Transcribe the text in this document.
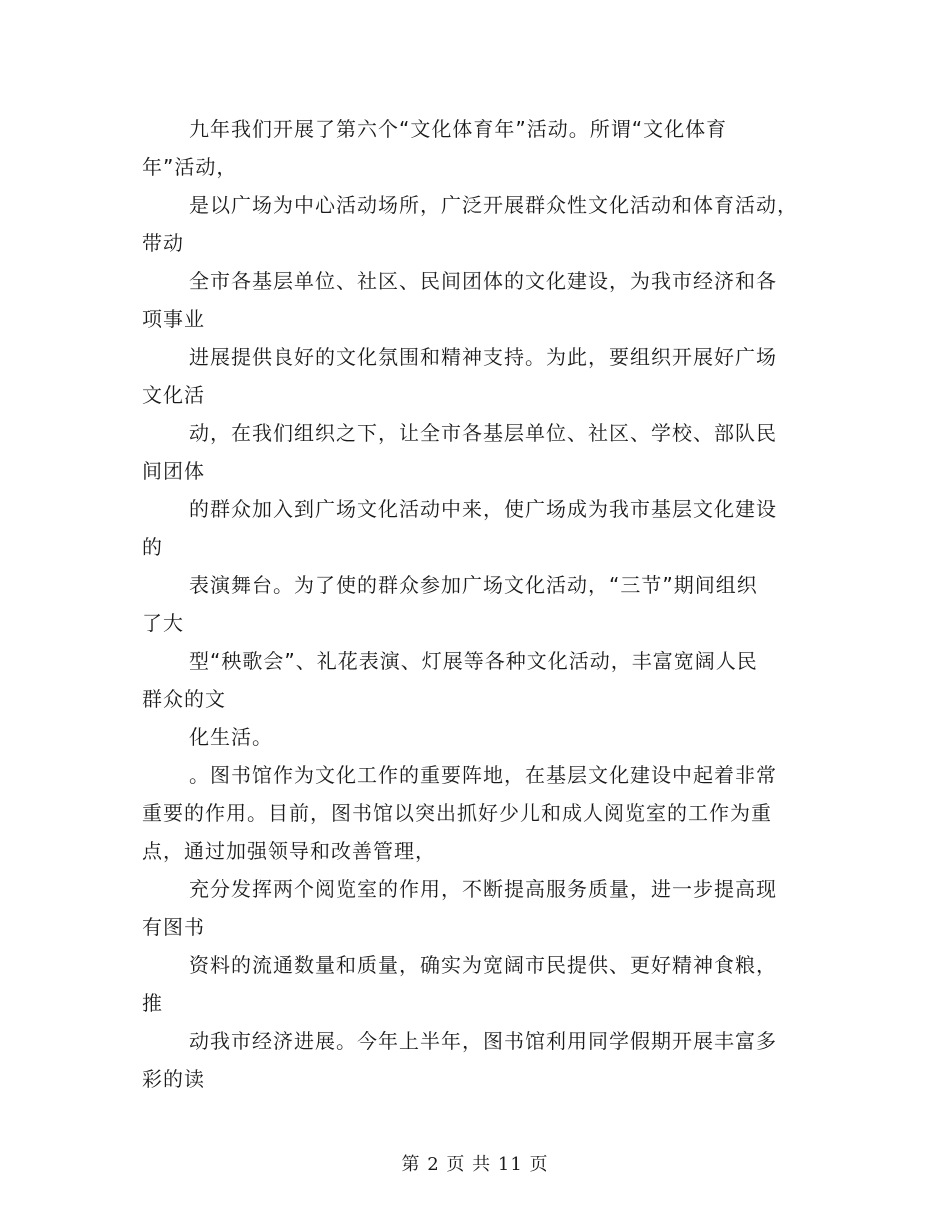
九年我们开展了第六个“文化体育年”活动。所谓“文化体育
年”活动，
是以广场为中心活动场所，广泛开展群众性文化活动和体育活动，
带动
全市各基层单位、社区、民间团体的文化建设，为我市经济和各
项事业
进展提供良好的文化氛围和精神支持。为此，要组织开展好广场
文化活
动，在我们组织之下，让全市各基层单位、社区、学校、部队民
间团体
的群众加入到广场文化活动中来，使广场成为我市基层文化建设
的
表演舞台。为了使的群众参加广场文化活动，“三节”期间组织
了大
型“秧歌会”、礼花表演、灯展等各种文化活动，丰富宽阔人民
群众的文
化生活。
。图书馆作为文化工作的重要阵地，在基层文化建设中起着非常
重要的作用。目前，图书馆以突出抓好少儿和成人阅览室的工作为重
点，通过加强领导和改善管理，
充分发挥两个阅览室的作用，不断提高服务质量，进一步提高现
有图书
资料的流通数量和质量，确实为宽阔市民提供、更好精神食粮，
推
动我市经济进展。今年上半年，图书馆利用同学假期开展丰富多
彩的读
第 2 页 共 11 页
